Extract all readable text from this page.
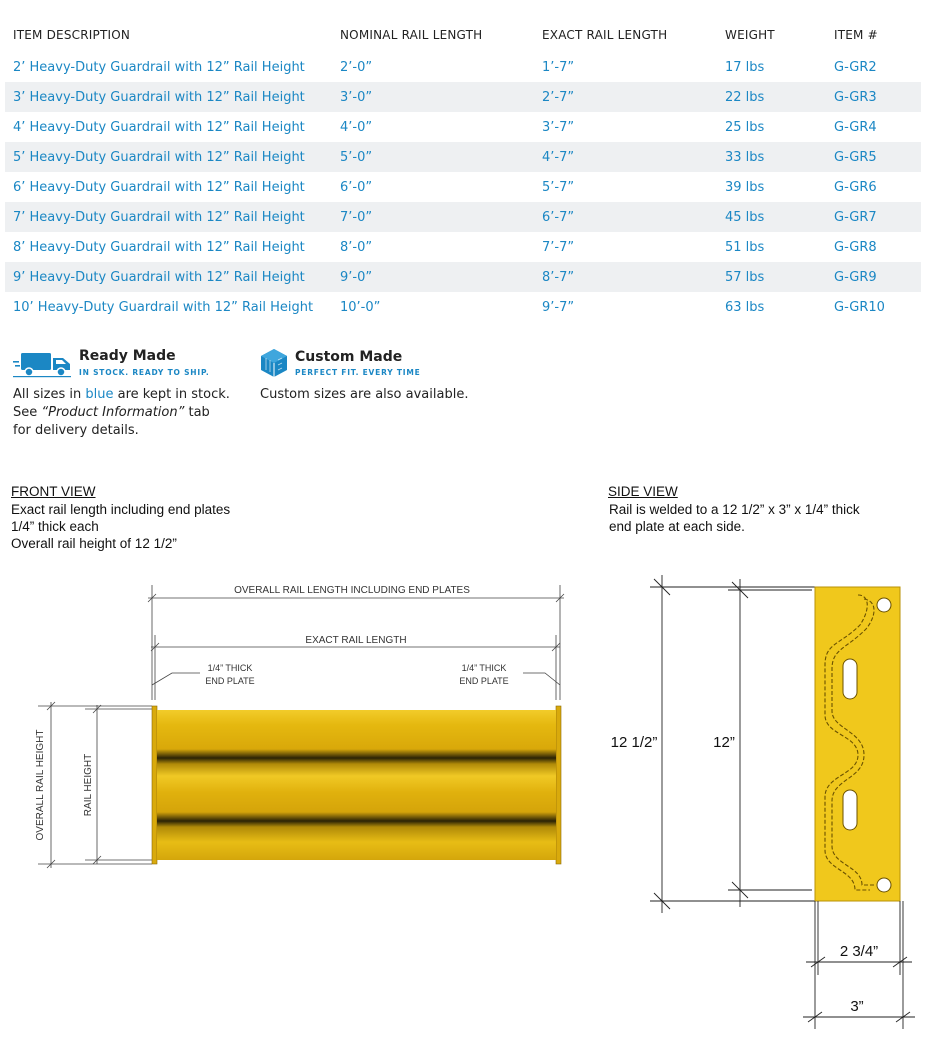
ITEM DESCRIPTION	NOMINAL RAIL LENGTH	EXACT RAIL LENGTH	WEIGHT	ITEM #
2’ Heavy-Duty Guardrail with 12” Rail Height	2’-0”	1’-7”	17 lbs	G-GR2
3’ Heavy-Duty Guardrail with 12” Rail Height	3’-0”	2’-7”	22 lbs	G-GR3
4’ Heavy-Duty Guardrail with 12” Rail Height	4’-0”	3’-7”	25 lbs	G-GR4
5’ Heavy-Duty Guardrail with 12” Rail Height	5’-0”	4’-7”	33 lbs	G-GR5
6’ Heavy-Duty Guardrail with 12” Rail Height	6’-0”	5’-7”	39 lbs	G-GR6
7’ Heavy-Duty Guardrail with 12” Rail Height	7’-0”	6’-7”	45 lbs	G-GR7
8’ Heavy-Duty Guardrail with 12” Rail Height	8’-0”	7’-7”	51 lbs	G-GR8
9’ Heavy-Duty Guardrail with 12” Rail Height	9’-0”	8’-7”	57 lbs	G-GR9
10’ Heavy-Duty Guardrail with 12” Rail Height	10’-0”	9’-7”	63 lbs	G-GR10
Ready Made
IN STOCK. READY TO SHIP.
All sizes in blue are kept in stock.
See “Product Information” tab
for delivery details.
Custom Made
PERFECT FIT. EVERY TIME
Custom sizes are also available.
FRONT VIEW
Exact rail length including end plates
1/4” thick each
Overall rail height of 12 1/2”
SIDE VIEW
Rail is welded to a 12 1/2” x 3” x 1/4” thick
end plate at each side.
OVERALL RAIL LENGTH INCLUDING END PLATES
EXACT RAIL LENGTH
1/4” THICK
END PLATE
1/4” THICK
END PLATE
OVERALL RAIL HEIGHT	RAIL HEIGHT
12 1/2”	12”
2 3/4”
3”
